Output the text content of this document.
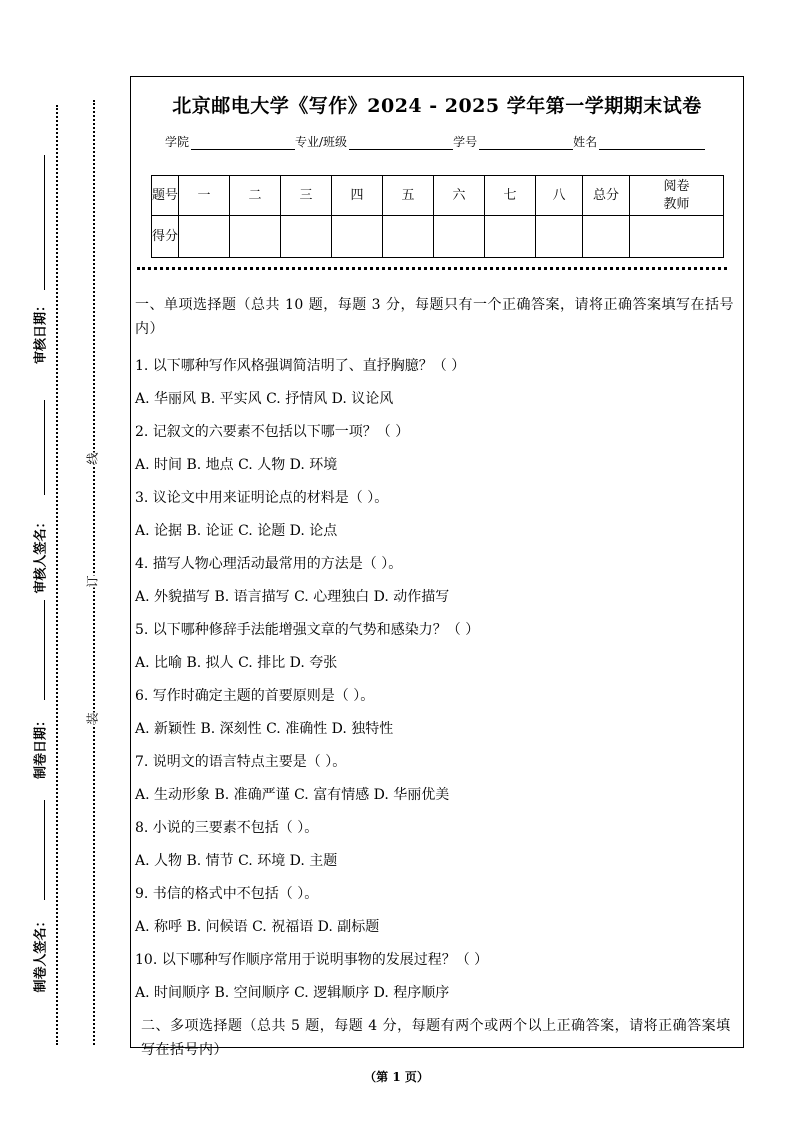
审核日期：
审核人签名：
制卷日期：
制卷人签名：
线
订
装
北京邮电大学《写作》2024 - 2025 学年第一学期期末试卷
学院	专业/班级	学号	姓名
题号	一	二	三	四	五	六	七	八	总分	阅卷教师
得分										
一、单项选择题（总共 10 题，每题 3 分，每题只有一个正确答案，请将正确答案填写在括号内）
1. 以下哪种写作风格强调简洁明了、直抒胸臆？（ ）
A. 华丽风 B. 平实风 C. 抒情风 D. 议论风
2. 记叙文的六要素不包括以下哪一项？（ ）
A. 时间 B. 地点 C. 人物 D. 环境
3. 议论文中用来证明论点的材料是（ ）。
A. 论据 B. 论证 C. 论题 D. 论点
4. 描写人物心理活动最常用的方法是（ ）。
A. 外貌描写 B. 语言描写 C. 心理独白 D. 动作描写
5. 以下哪种修辞手法能增强文章的气势和感染力？（ ）
A. 比喻 B. 拟人 C. 排比 D. 夸张
6. 写作时确定主题的首要原则是（ ）。
A. 新颖性 B. 深刻性 C. 准确性 D. 独特性
7. 说明文的语言特点主要是（ ）。
A. 生动形象 B. 准确严谨 C. 富有情感 D. 华丽优美
8. 小说的三要素不包括（ ）。
A. 人物 B. 情节 C. 环境 D. 主题
9. 书信的格式中不包括（ ）。
A. 称呼 B. 问候语 C. 祝福语 D. 副标题
10. 以下哪种写作顺序常用于说明事物的发展过程？（ ）
A. 时间顺序 B. 空间顺序 C. 逻辑顺序 D. 程序顺序
二、多项选择题（总共 5 题，每题 4 分，每题有两个或两个以上正确答案，请将正确答案填写在括号内）
（第 1 页）
